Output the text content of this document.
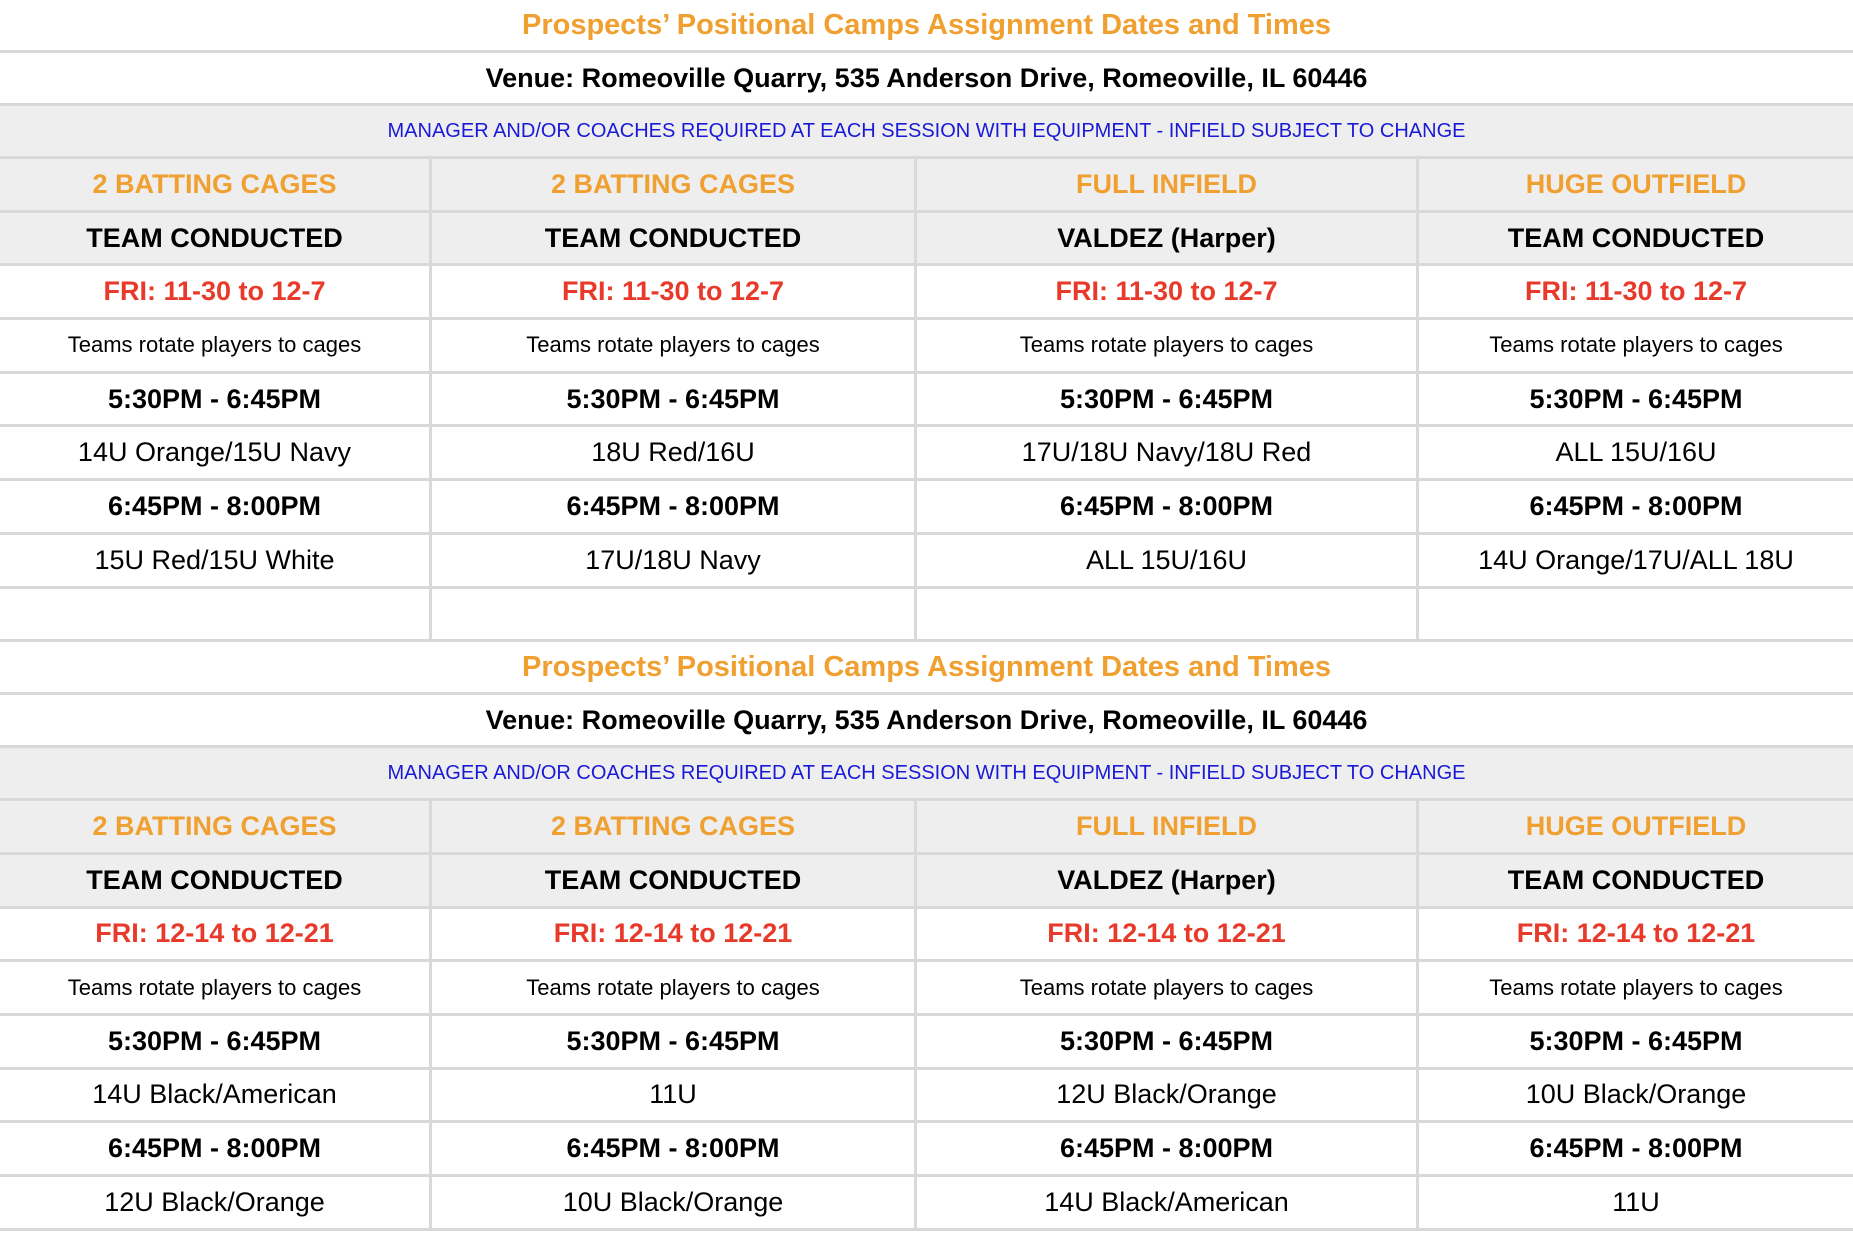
Prospects’ Positional Camps Assignment Dates and Times
Venue: Romeoville Quarry, 535 Anderson Drive, Romeoville, IL 60446
MANAGER AND/OR COACHES REQUIRED AT EACH SESSION WITH EQUIPMENT - INFIELD SUBJECT TO CHANGE
2 BATTING CAGES	2 BATTING CAGES	FULL INFIELD	HUGE OUTFIELD
TEAM CONDUCTED	TEAM CONDUCTED	VALDEZ (Harper)	TEAM CONDUCTED
FRI: 11-30 to 12-7	FRI: 11-30 to 12-7	FRI: 11-30 to 12-7	FRI: 11-30 to 12-7
Teams rotate players to cages	Teams rotate players to cages	Teams rotate players to cages	Teams rotate players to cages
5:30PM - 6:45PM	5:30PM - 6:45PM	5:30PM - 6:45PM	5:30PM - 6:45PM
14U Orange/15U Navy	18U Red/16U	17U/18U Navy/18U Red	ALL 15U/16U
6:45PM - 8:00PM	6:45PM - 8:00PM	6:45PM - 8:00PM	6:45PM - 8:00PM
15U Red/15U White	17U/18U Navy	ALL 15U/16U	14U Orange/17U/ALL 18U
Prospects’ Positional Camps Assignment Dates and Times
Venue: Romeoville Quarry, 535 Anderson Drive, Romeoville, IL 60446
MANAGER AND/OR COACHES REQUIRED AT EACH SESSION WITH EQUIPMENT - INFIELD SUBJECT TO CHANGE
2 BATTING CAGES	2 BATTING CAGES	FULL INFIELD	HUGE OUTFIELD
TEAM CONDUCTED	TEAM CONDUCTED	VALDEZ (Harper)	TEAM CONDUCTED
FRI: 12-14 to 12-21	FRI: 12-14 to 12-21	FRI: 12-14 to 12-21	FRI: 12-14 to 12-21
Teams rotate players to cages	Teams rotate players to cages	Teams rotate players to cages	Teams rotate players to cages
5:30PM - 6:45PM	5:30PM - 6:45PM	5:30PM - 6:45PM	5:30PM - 6:45PM
14U Black/American	11U	12U Black/Orange	10U Black/Orange
6:45PM - 8:00PM	6:45PM - 8:00PM	6:45PM - 8:00PM	6:45PM - 8:00PM
12U Black/Orange	10U Black/Orange	14U Black/American	11U
